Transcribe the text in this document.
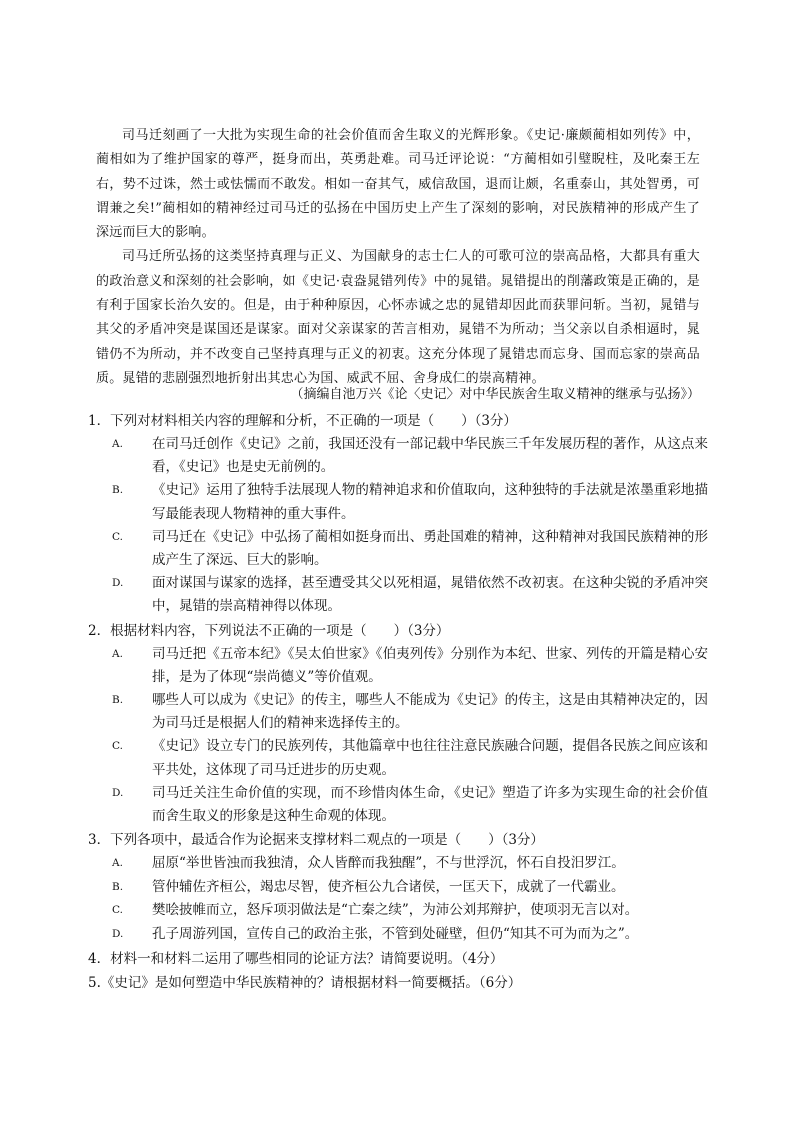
司马迁刻画了一大批为实现生命的社会价值而舍生取义的光辉形象。《史记·廉颇蔺相如列传》中，蔺相如为了维护国家的尊严，挺身而出，英勇赴难。司马迁评论说：“方蔺相如引璧睨柱，及叱秦王左右，势不过诛，然士或怯懦而不敢发。相如一奋其气，威信敌国，退而让颇，名重泰山，其处智勇，可谓兼之矣!”蔺相如的精神经过司马迁的弘扬在中国历史上产生了深刻的影响，对民族精神的形成产生了深远而巨大的影响。

司马迁所弘扬的这类坚持真理与正义、为国献身的志士仁人的可歌可泣的崇高品格，大都具有重大的政治意义和深刻的社会影响，如《史记·袁盎晁错列传》中的晁错。晁错提出的削藩政策是正确的，是有利于国家长治久安的。但是，由于种种原因，心怀赤诚之忠的晁错却因此而获罪问斩。当初，晁错与其父的矛盾冲突是谋国还是谋家。面对父亲谋家的苦言相劝，晁错不为所动；当父亲以自杀相逼时，晁错仍不为所动，并不改变自己坚持真理与正义的初衷。这充分体现了晁错忠而忘身、国而忘家的崇高品质。晁错的悲剧强烈地折射出其忠心为国、威武不屈、舍身成仁的崇高精神。

（摘编自池万兴《论〈史记〉对中华民族舍生取义精神的继承与弘扬》）
1．下列对材料相关内容的理解和分析，不正确的一项是（　　）（3分）
A.	在司马迁创作《史记》之前，我国还没有一部记载中华民族三千年发展历程的著作，从这点来看，《史记》也是史无前例的。
B.	《史记》运用了独特手法展现人物的精神追求和价值取向，这种独特的手法就是浓墨重彩地描写最能表现人物精神的重大事件。
C.	司马迁在《史记》中弘扬了蔺相如挺身而出、勇赴国难的精神，这种精神对我国民族精神的形成产生了深远、巨大的影响。
D.	面对谋国与谋家的选择，甚至遭受其父以死相逼，晁错依然不改初衷。在这种尖锐的矛盾冲突中，晁错的崇高精神得以体现。
2．根据材料内容，下列说法不正确的一项是（　　）（3分）
A.	司马迁把《五帝本纪》《吴太伯世家》《伯夷列传》分别作为本纪、世家、列传的开篇是精心安排，是为了体现“崇尚德义”等价值观。
B.	哪些人可以成为《史记》的传主，哪些人不能成为《史记》的传主，这是由其精神决定的，因为司马迁是根据人们的精神来选择传主的。
C.	《史记》设立专门的民族列传，其他篇章中也往往注意民族融合问题，提倡各民族之间应该和平共处，这体现了司马迁进步的历史观。
D.	司马迁关注生命价值的实现，而不珍惜肉体生命，《史记》塑造了许多为实现生命的社会价值而舍生取义的形象是这种生命观的体现。
3．下列各项中，最适合作为论据来支撑材料二观点的一项是（　　）（3分）
A.	屈原“举世皆浊而我独清，众人皆醉而我独醒”，不与世浮沉，怀石自投汨罗江。
B.	管仲辅佐齐桓公，竭忠尽智，使齐桓公九合诸侯，一匡天下，成就了一代霸业。
C.	樊哙披帷而立，怒斥项羽做法是“亡秦之续”，为沛公刘邦辩护，使项羽无言以对。
D.	孔子周游列国，宣传自己的政治主张，不管到处碰壁，但仍“知其不可为而为之”。
4．材料一和材料二运用了哪些相同的论证方法？请简要说明。（4分）
5.《史记》是如何塑造中华民族精神的？请根据材料一简要概括。（6分）
